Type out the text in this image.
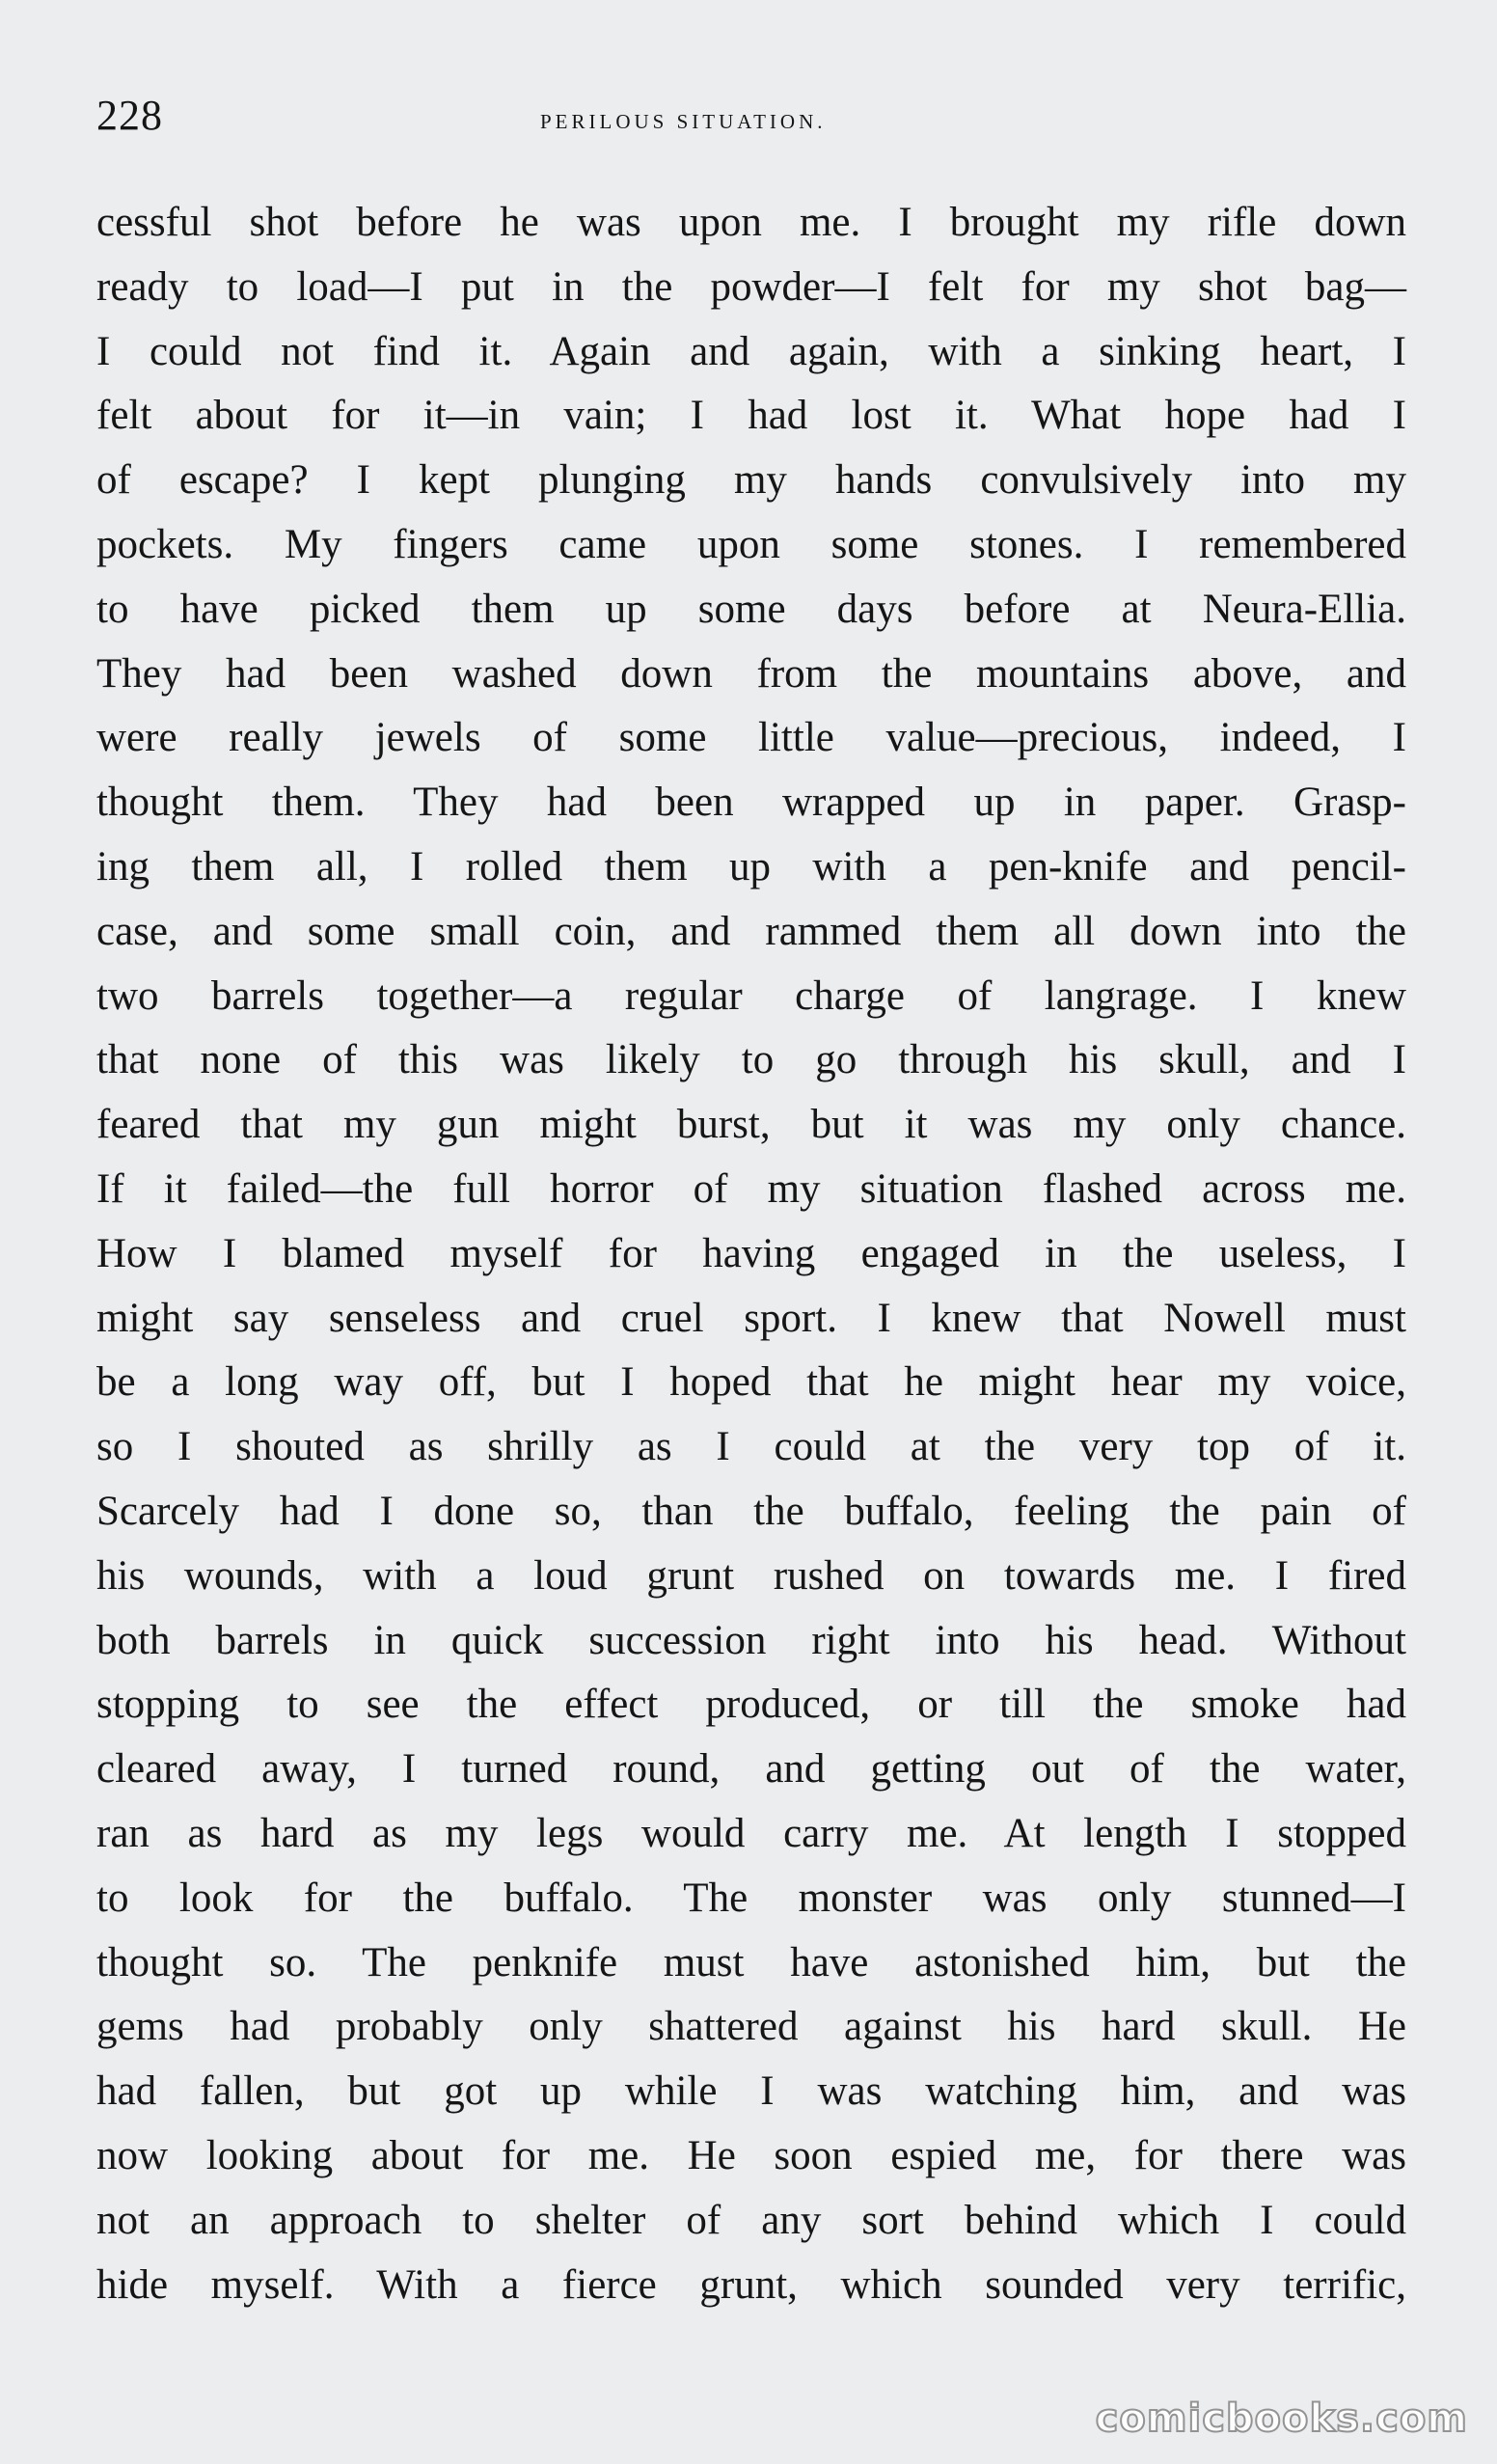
228	perilous situation.
cessful shot before he was upon me. I brought my rifle down
ready to load—I put in the powder—I felt for my shot bag—
I could not find it. Again and again, with a sinking heart, I
felt about for it—in vain; I had lost it. What hope had I
of escape? I kept plunging my hands convulsively into my
pockets. My fingers came upon some stones. I remembered
to have picked them up some days before at Neura-Ellia.
They had been washed down from the mountains above, and
were really jewels of some little value—precious, indeed, I
thought them. They had been wrapped up in paper. Grasp-
ing them all, I rolled them up with a pen-knife and pencil-
case, and some small coin, and rammed them all down into the
two barrels together—a regular charge of langrage. I knew
that none of this was likely to go through his skull, and I
feared that my gun might burst, but it was my only chance.
If it failed—the full horror of my situation flashed across me.
How I blamed myself for having engaged in the useless, I
might say senseless and cruel sport. I knew that Nowell must
be a long way off, but I hoped that he might hear my voice,
so I shouted as shrilly as I could at the very top of it.
Scarcely had I done so, than the buffalo, feeling the pain of
his wounds, with a loud grunt rushed on towards me. I fired
both barrels in quick succession right into his head. Without
stopping to see the effect produced, or till the smoke had
cleared away, I turned round, and getting out of the water,
ran as hard as my legs would carry me. At length I stopped
to look for the buffalo. The monster was only stunned—I
thought so. The penknife must have astonished him, but the
gems had probably only shattered against his hard skull. He
had fallen, but got up while I was watching him, and was
now looking about for me. He soon espied me, for there was
not an approach to shelter of any sort behind which I could
hide myself. With a fierce grunt, which sounded very terrific,
comicbooks.com
